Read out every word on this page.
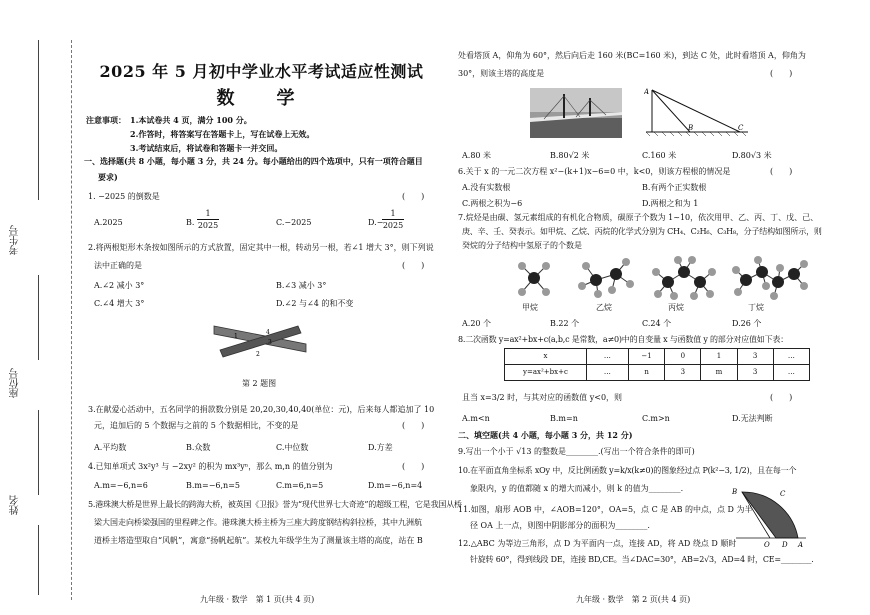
考生号
座位号
姓名
2025 年 5 月初中学业水平考试适应性测试
数　学
注意事项： 1.本试卷共 4 页，满分 100 分。
2.作答时，将答案写在答题卡上，写在试卷上无效。
3.考试结束后，将试卷和答题卡一并交回。
一、选择题(共 8 小题，每小题 3 分，共 24 分。每小题给出的四个选项中，只有一项符合题目
要求)
1. −2025 的倒数是	(　　)
A.2025	B.
1
2025	C.−2025	D.−
1
2025
2.将两根矩形木条按如图所示的方式放置，固定其中一根，转动另一根，若∠1 增大 3°，则下列说
法中正确的是	(　　)
A.∠2 减小 3°	B.∠3 减小 3°
C.∠4 增大 3°	D.∠2 与∠4 的和不变
1
2
3
4
第 2 题图
3.在献爱心活动中，五名同学的捐款数分别是 20,20,30,40,40(单位：元)，后来每人都追加了 10
元，追加后的 5 个数据与之前的 5 个数据相比，不变的是	(　　)
A.平均数	B.众数	C.中位数	D.方差
4.已知单项式 3x²y³ 与 −2xy² 的积为 mx³yⁿ，那么 m,n 的值分别为	(　　)
A.m=−6,n=6	B.m=−6,n=5	C.m=6,n=5	D.m=−6,n=4
5.港珠澳大桥是世界上最长的跨海大桥，被英国《卫报》誉为“现代世界七大奇迹”的超级工程，它是我国从桥
梁大国走向桥梁强国的里程碑之作。港珠澳大桥主桥为三座大跨度钢结构斜拉桥，其中九洲航
道桥主塔造型取自“风帆”，寓意“扬帆起航”。某校九年级学生为了测量该主塔的高度，站在 B
九年级 · 数学　第 1 页(共 4 页)
处看塔顶 A，仰角为 60°，然后向后走 160 米(BC=160 米)，到达 C 处，此时看塔顶 A，仰角为
30°，则该主塔的高度是	(　　)
A
B	C
A.80 米	B.80√2 米	C.160 米	D.80√3 米
6.关于 x 的一元二次方程 x²−(k+1)x−6=0 中，k<0，则该方程根的情况是	(　　)
A.没有实数根	B.有两个正实数根
C.两根之积为−6	D.两根之和为 1
7.烷烃是由碳、氢元素组成的有机化合物质，碳原子个数为 1~10，依次用甲、乙、丙、丁、戊、己、
庚、辛、壬、癸表示。如甲烷、乙烷、丙烷的化学式分别为 CH₄、C₂H₆、C₃H₈，分子结构如图所示，则
癸烷的分子结构中氢原子的个数是
甲烷	乙烷	丙烷	丁烷
A.20 个	B.22 个	C.24 个	D.26 个
8.二次函数 y=ax²+bx+c(a,b,c 是常数，a≠0)中的自变量 x 与函数值 y 的部分对应值如下表：
x	…	−1	0	1	3	…
y=ax²+bx+c	…	n	3	m	3	…
且当 x=3/2 时，与其对应的函数值 y<0，则	(　　)
A.m<n	B.m=n	C.m>n	D.无法判断
二、填空题(共 4 小题，每小题 3 分，共 12 分)
9.写出一个小于 √13 的整数是________.(写出一个符合条件的即可)
10.在平面直角坐标系 xOy 中，反比例函数 y=k/x(k≠0)的图象经过点 P(k²−3, 1/2)，且在每一个
象限内，y 的值都随 x 的增大而减小，则 k 的值为________.
11.如图，扇形 AOB 中，∠AOB=120°，OA=5，点 C 是 AB 的中点，点 D 为半
径 OA 上一点，则图中阴影部分的面积为________.
B	C
O D A
12.△ABC 为等边三角形，点 D 为平面内一点，连接 AD，将 AD 绕点 D 顺时
针旋转 60°，得到线段 DE，连接 BD,CE。当∠DAC=30°，AB=2√3，AD=4 时，CE=________.
九年级 · 数学　第 2 页(共 4 页)
